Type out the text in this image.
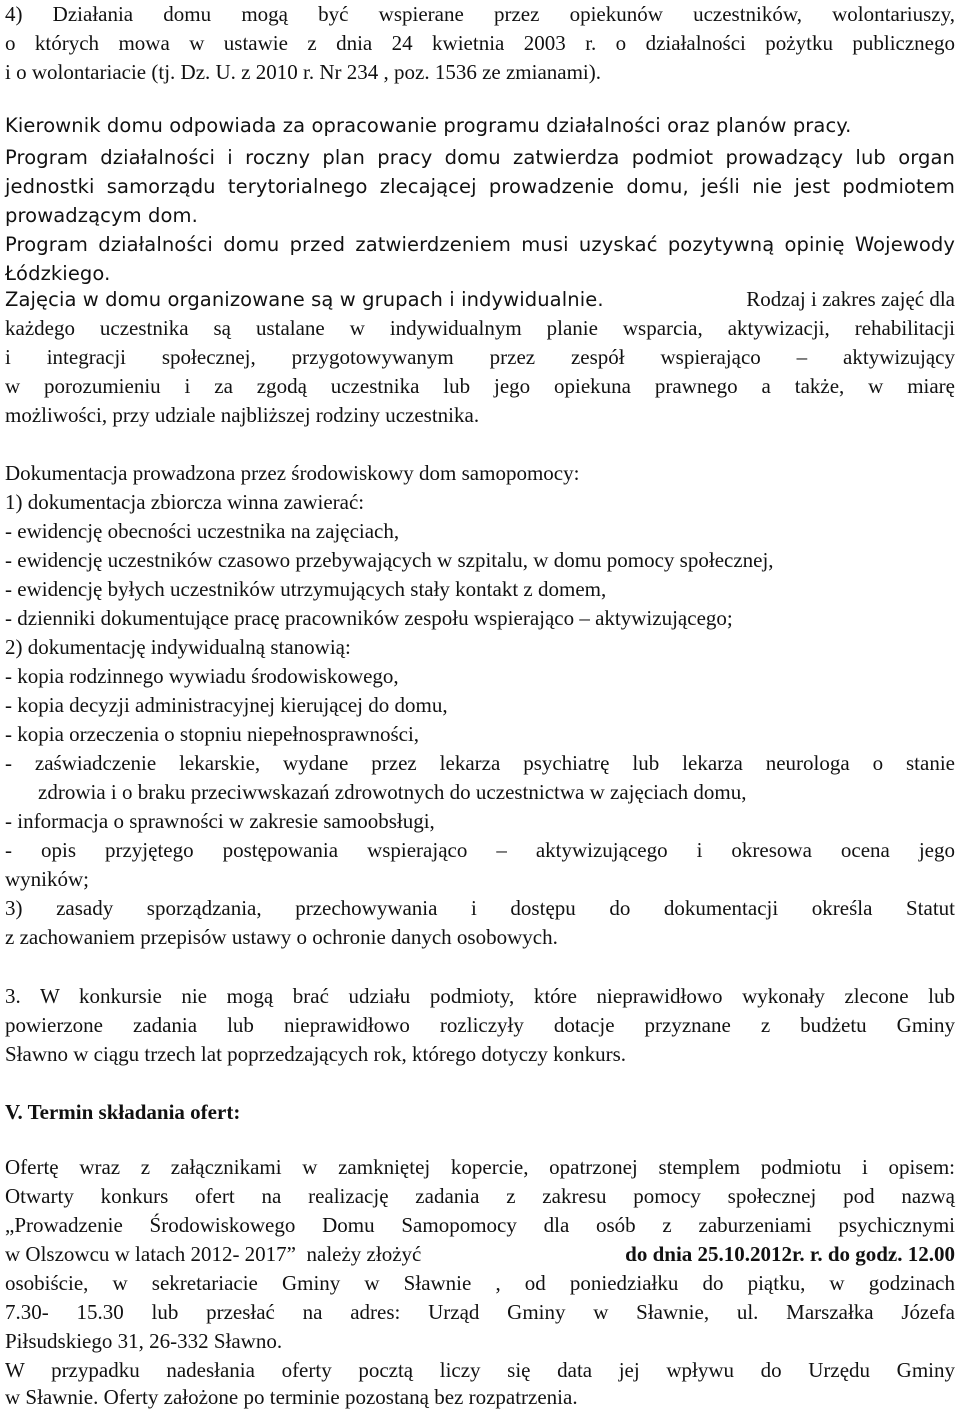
4) Działania domu mogą być wspierane przez opiekunów uczestników, wolontariuszy,
o których mowa w ustawie z dnia 24 kwietnia 2003 r. o działalności pożytku publicznego
i o wolontariacie (tj. Dz. U. z 2010 r. Nr 234 , poz. 1536 ze zmianami).
Kierownik domu odpowiada za opracowanie programu działalności oraz planów pracy.
Program działalności i roczny plan pracy domu zatwierdza podmiot prowadzący lub organ
jednostki samorządu terytorialnego zlecającej prowadzenie domu, jeśli nie jest podmiotem
prowadzącym dom.
Program działalności domu przed zatwierdzeniem musi uzyskać pozytywną opinię Wojewody
Łódzkiego.
Zajęcia w domu organizowane są w grupach i indywidualnie.	Rodzaj i zakres zajęć dla
każdego uczestnika są ustalane w indywidualnym planie wsparcia, aktywizacji, rehabilitacji
i integracji społecznej, przygotowywanym przez zespół wspierająco – aktywizujący
w porozumieniu i za zgodą uczestnika lub jego opiekuna prawnego a także, w miarę
możliwości, przy udziale najbliższej rodziny uczestnika.
Dokumentacja prowadzona przez środowiskowy dom samopomocy:
1) dokumentacja zbiorcza winna zawierać:
- ewidencję obecności uczestnika na zajęciach,
- ewidencję uczestników czasowo przebywających w szpitalu, w domu pomocy społecznej,
- ewidencję byłych uczestników utrzymujących stały kontakt z domem,
- dzienniki dokumentujące pracę pracowników zespołu wspierająco – aktywizującego;
2) dokumentację indywidualną stanowią:
- kopia rodzinnego wywiadu środowiskowego,
- kopia decyzji administracyjnej kierującej do domu,
- kopia orzeczenia o stopniu niepełnosprawności,
- zaświadczenie lekarskie, wydane przez lekarza psychiatrę lub lekarza neurologa o stanie
zdrowia i o braku przeciwwskazań zdrowotnych do uczestnictwa w zajęciach domu,
- informacja o sprawności w zakresie samoobsługi,
- opis przyjętego postępowania wspierająco – aktywizującego i okresowa ocena jego
wyników;
3) zasady sporządzania, przechowywania i dostępu do dokumentacji określa Statut
z zachowaniem przepisów ustawy o ochronie danych osobowych.
3. W konkursie nie mogą brać udziału podmioty, które nieprawidłowo wykonały zlecone lub
powierzone zadania lub nieprawidłowo rozliczyły dotacje przyznane z budżetu Gminy
Sławno w ciągu trzech lat poprzedzających rok, którego dotyczy konkurs.
V. Termin składania ofert:
Ofertę wraz z załącznikami w zamkniętej kopercie, opatrzonej stemplem podmiotu i opisem:
Otwarty konkurs ofert na realizację zadania z zakresu pomocy społecznej pod nazwą
„Prowadzenie Środowiskowego Domu Samopomocy dla osób z zaburzeniami psychicznymi
w Olszowcu w latach 2012- 2017”  należy złożyć	do dnia 25.10.2012r. r. do godz. 12.00
osobiście, w sekretariacie Gminy w Sławnie , od poniedziałku do piątku, w godzinach
7.30- 15.30 lub przesłać na adres: Urząd Gminy w Sławnie, ul. Marszałka Józefa
Piłsudskiego 31, 26-332 Sławno.
W przypadku nadesłania oferty pocztą liczy się data jej wpływu do Urzędu Gminy
w Sławnie. Oferty założone po terminie pozostaną bez rozpatrzenia.
